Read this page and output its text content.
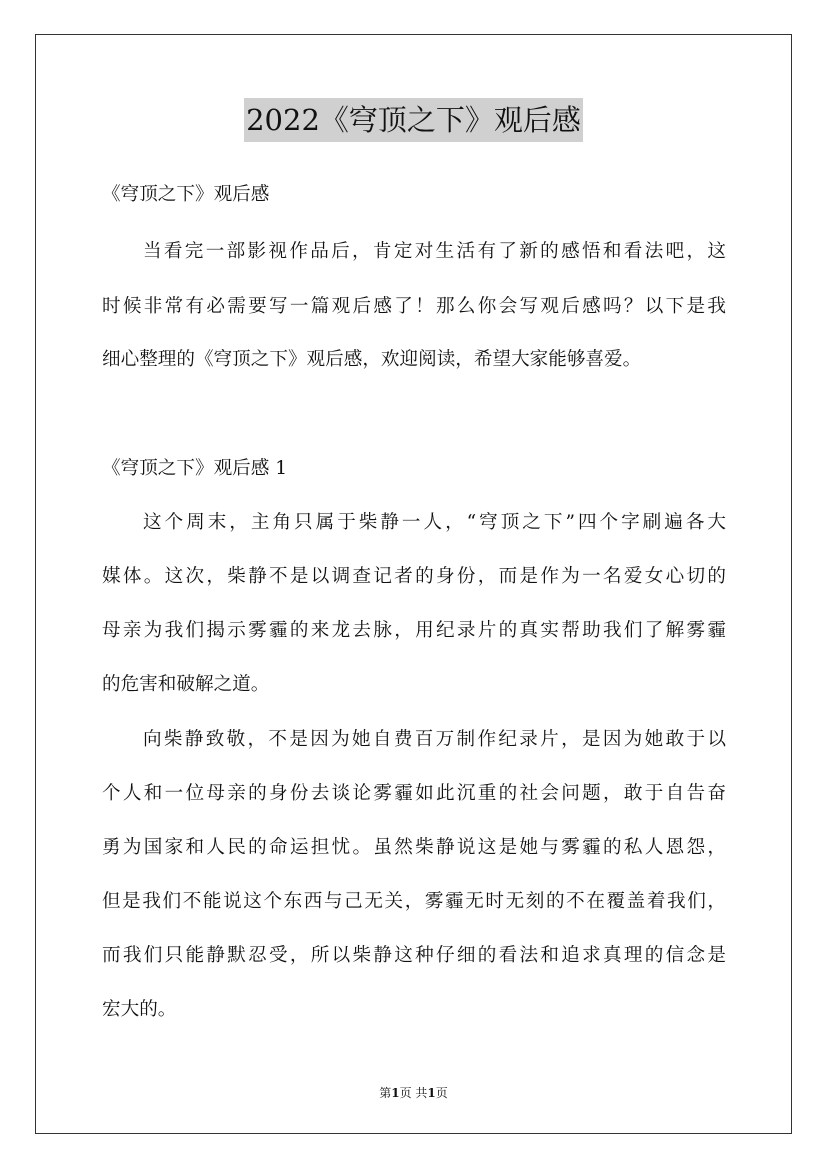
2022《穹顶之下》观后感
《穹顶之下》观后感
当看完一部影视作品后，肯定对生活有了新的感悟和看法吧，这
时候非常有必需要写一篇观后感了！那么你会写观后感吗？以下是我
细心整理的《穹顶之下》观后感，欢迎阅读，希望大家能够喜爱。
《穹顶之下》观后感 1
这个周末，主角只属于柴静一人，“穹顶之下”四个字刷遍各大
媒体。这次，柴静不是以调查记者的身份，而是作为一名爱女心切的
母亲为我们揭示雾霾的来龙去脉，用纪录片的真实帮助我们了解雾霾
的危害和破解之道。
向柴静致敬，不是因为她自费百万制作纪录片，是因为她敢于以
个人和一位母亲的身份去谈论雾霾如此沉重的社会问题，敢于自告奋
勇为国家和人民的命运担忧。虽然柴静说这是她与雾霾的私人恩怨，
但是我们不能说这个东西与己无关，雾霾无时无刻的不在覆盖着我们，
而我们只能静默忍受，所以柴静这种仔细的看法和追求真理的信念是
宏大的。
第1页 共1页
